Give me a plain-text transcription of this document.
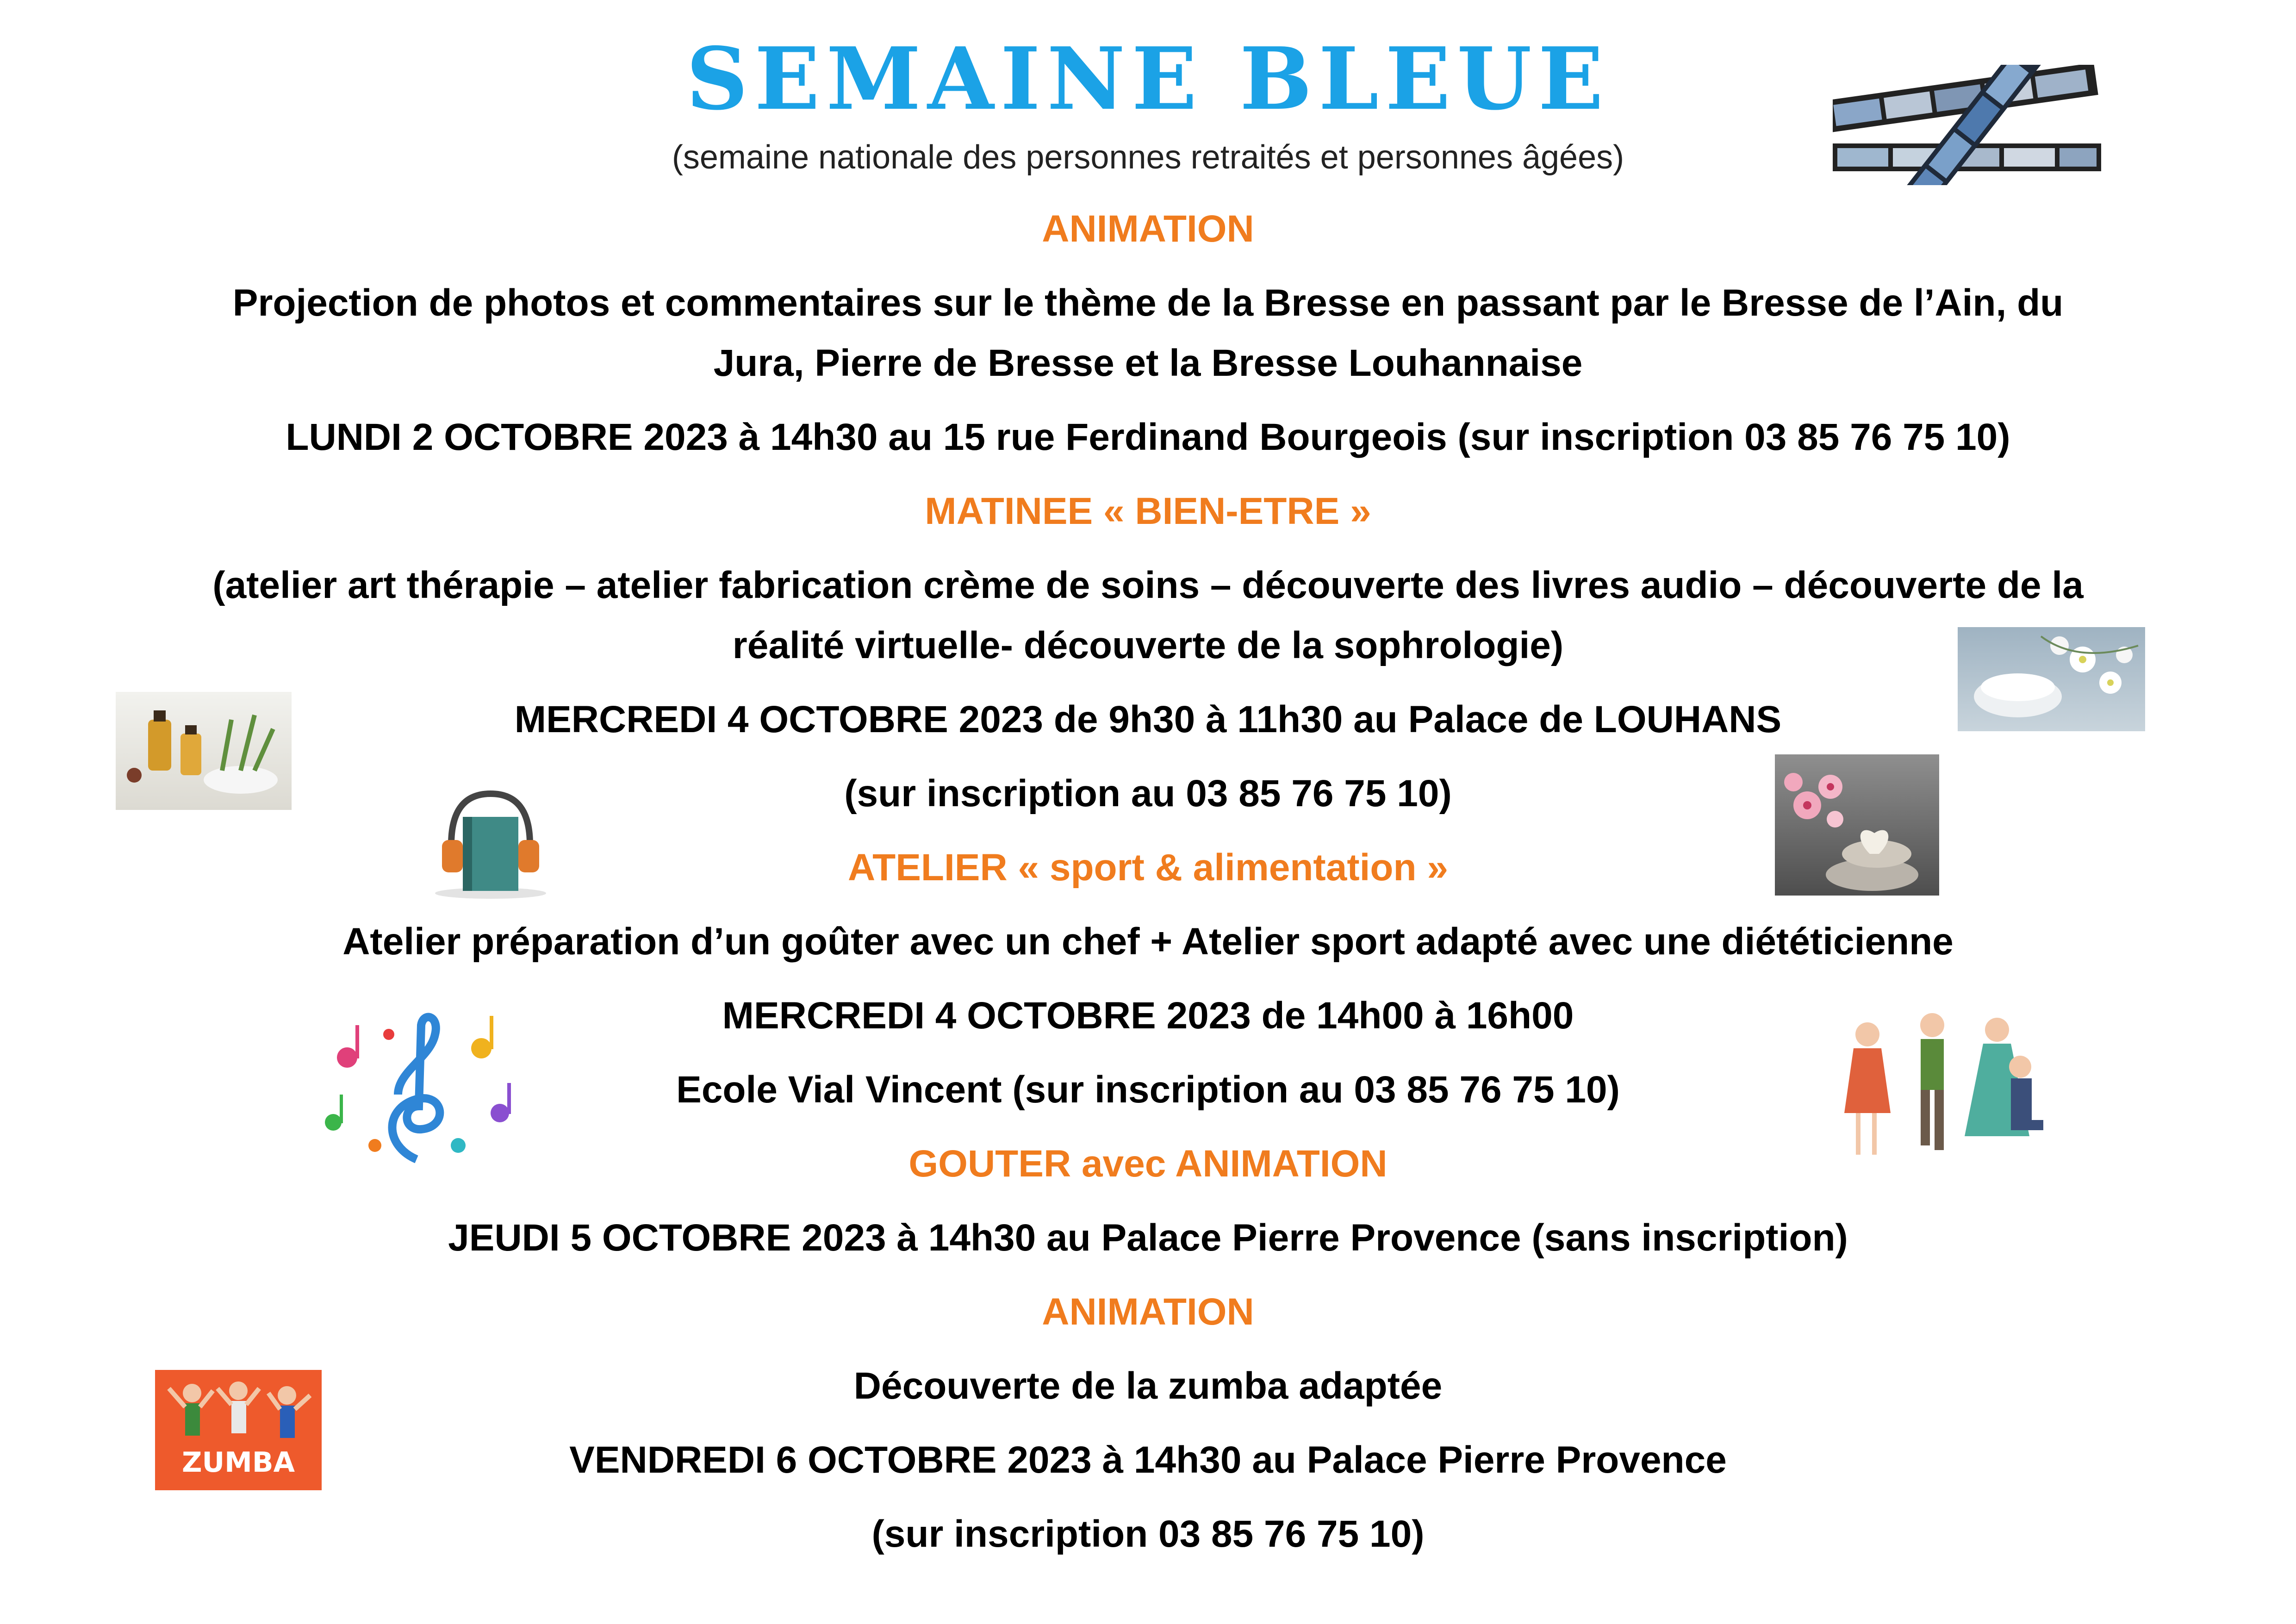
SEMAINE BLEUE
(semaine nationale des personnes retraités et personnes âgées)
ANIMATION
Projection de photos et commentaires sur le thème de la Bresse en passant par le Bresse de l’Ain, du
Jura, Pierre de Bresse et la Bresse Louhannaise
LUNDI 2 OCTOBRE 2023 à 14h30 au 15 rue Ferdinand Bourgeois (sur inscription 03 85 76 75 10)
MATINEE « BIEN-ETRE »
(atelier art thérapie – atelier fabrication crème de soins – découverte des livres audio – découverte de la
réalité virtuelle- découverte de la sophrologie)
MERCREDI 4 OCTOBRE 2023 de 9h30 à 11h30 au Palace de LOUHANS
(sur inscription au 03 85 76 75 10)
ATELIER « sport & alimentation »
Atelier préparation d’un goûter avec un chef + Atelier sport adapté avec une diététicienne
MERCREDI 4 OCTOBRE 2023 de 14h00 à 16h00
Ecole Vial Vincent (sur inscription au 03 85 76 75 10)
GOUTER avec ANIMATION
JEUDI 5 OCTOBRE 2023 à 14h30 au Palace Pierre Provence (sans inscription)
ANIMATION
Découverte de la zumba adaptée
VENDREDI 6 OCTOBRE 2023 à 14h30 au Palace Pierre Provence
(sur inscription 03 85 76 75 10)
ZUMBA
